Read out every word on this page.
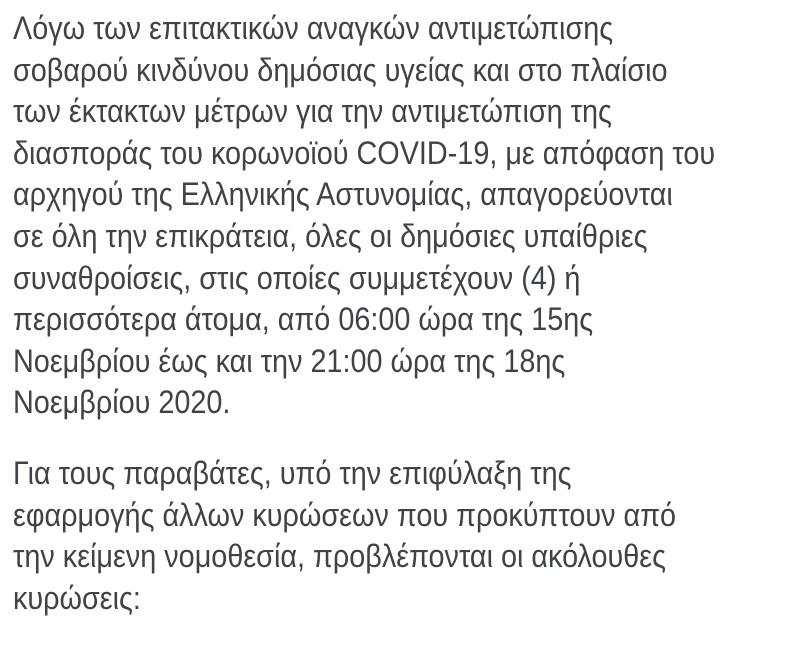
Λόγω των επιτακτικών αναγκών αντιμετώπισης
σοβαρού κινδύνου δημόσιας υγείας και στο πλαίσιο
των έκτακτων μέτρων για την αντιμετώπιση της
διασποράς του κορωνοϊού COVID-19, με απόφαση του
αρχηγού της Ελληνικής Αστυνομίας, απαγορεύονται
σε όλη την επικράτεια, όλες οι δημόσιες υπαίθριες
συναθροίσεις, στις οποίες συμμετέχουν (4) ή
περισσότερα άτομα, από 06:00 ώρα της 15ης
Νοεμβρίου έως και την 21:00 ώρα της 18ης
Νοεμβρίου 2020.
Για τους παραβάτες, υπό την επιφύλαξη της
εφαρμογής άλλων κυρώσεων που προκύπτουν από
την κείμενη νομοθεσία, προβλέπονται οι ακόλουθες
κυρώσεις:
